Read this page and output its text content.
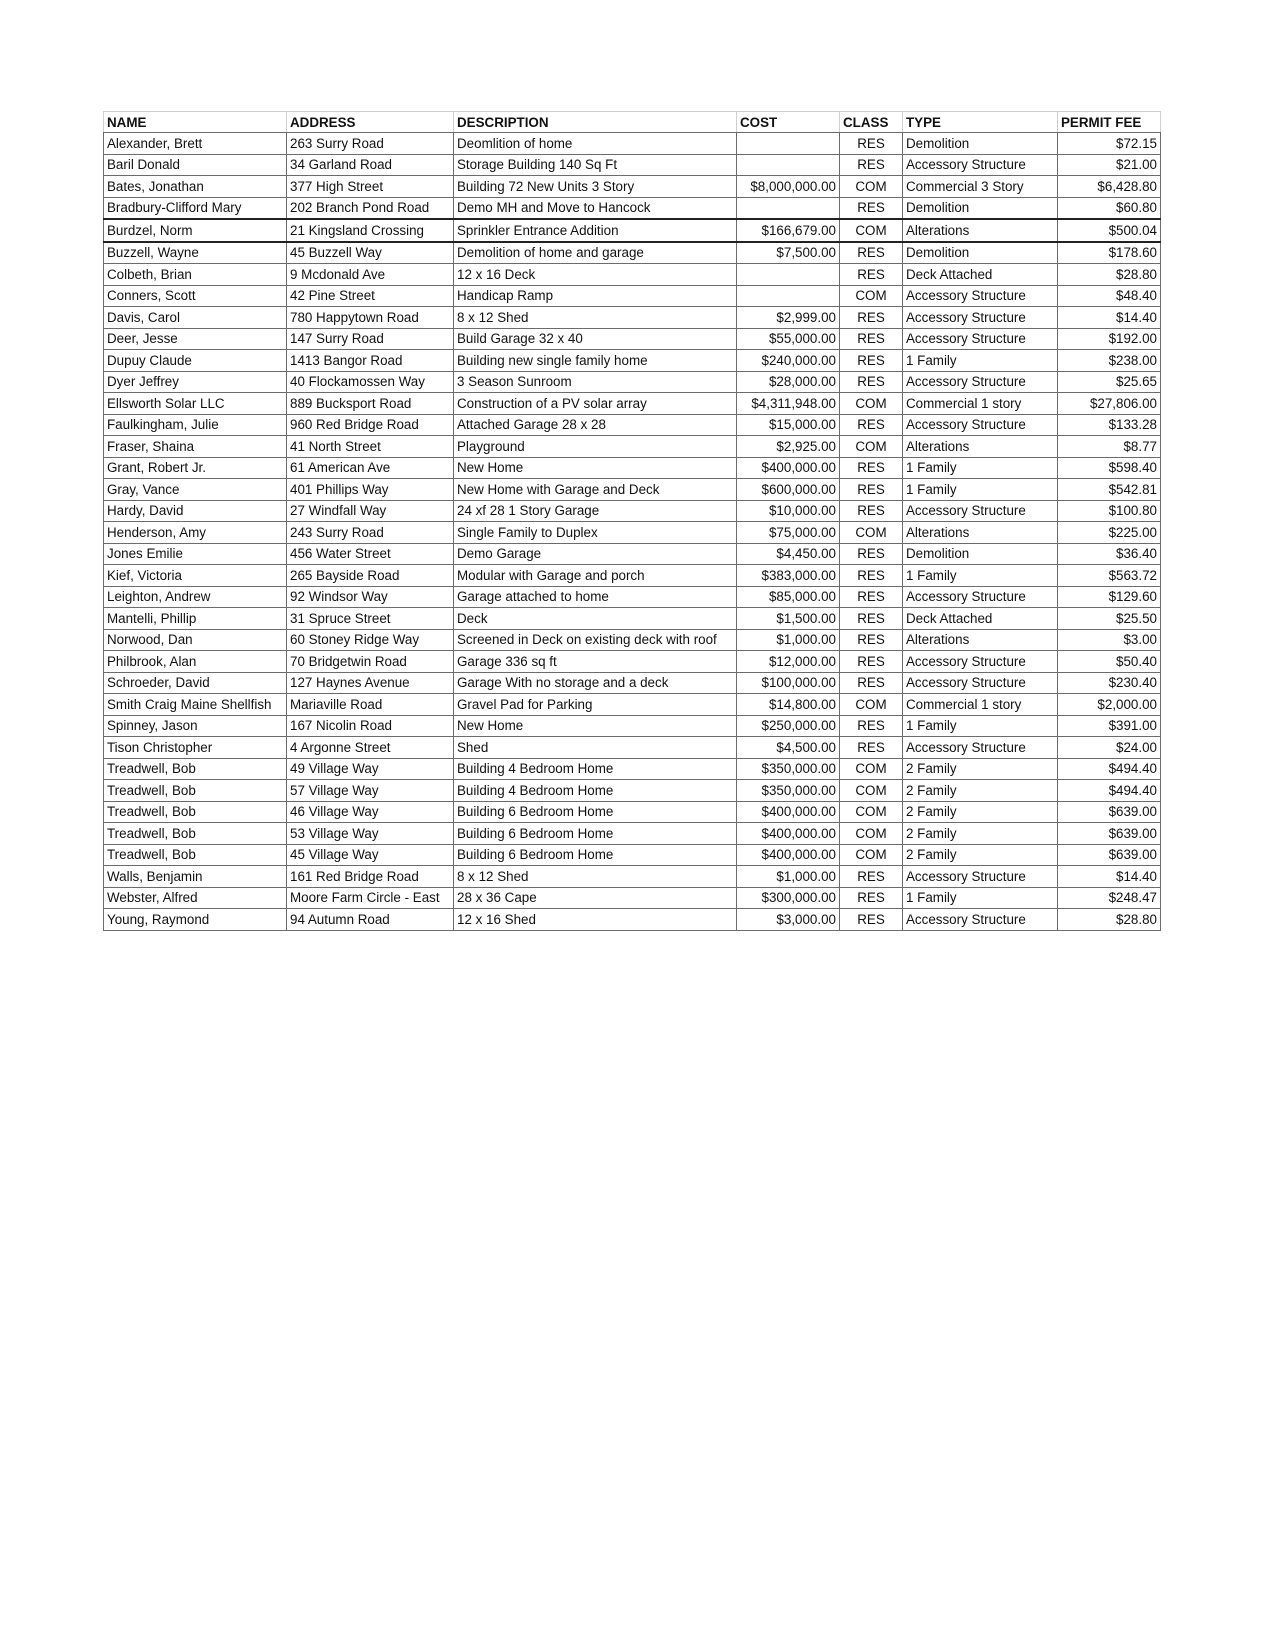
NAME	ADDRESS	DESCRIPTION	COST	CLASS	TYPE	PERMIT FEE
Alexander, Brett	263 Surry Road	Deomlition of home		RES	Demolition	$72.15
Baril Donald	34 Garland Road	Storage Building 140 Sq Ft		RES	Accessory Structure	$21.00
Bates, Jonathan	377 High Street	Building 72 New Units 3 Story	$8,000,000.00	COM	Commercial 3 Story	$6,428.80
Bradbury-Clifford Mary	202 Branch Pond Road	Demo MH and Move to Hancock		RES	Demolition	$60.80
Burdzel, Norm	21 Kingsland Crossing	Sprinkler Entrance Addition	$166,679.00	COM	Alterations	$500.04
Buzzell, Wayne	45 Buzzell Way	Demolition of home and garage	$7,500.00	RES	Demolition	$178.60
Colbeth, Brian	9 Mcdonald Ave	12 x 16 Deck		RES	Deck Attached	$28.80
Conners, Scott	42 Pine Street	Handicap Ramp		COM	Accessory Structure	$48.40
Davis, Carol	780 Happytown Road	8 x 12 Shed	$2,999.00	RES	Accessory Structure	$14.40
Deer, Jesse	147 Surry Road	Build Garage 32 x 40	$55,000.00	RES	Accessory Structure	$192.00
Dupuy Claude	1413 Bangor Road	Building new single family home	$240,000.00	RES	1 Family	$238.00
Dyer Jeffrey	40 Flockamossen Way	3 Season Sunroom	$28,000.00	RES	Accessory Structure	$25.65
Ellsworth Solar LLC	889 Bucksport Road	Construction of a PV solar array	$4,311,948.00	COM	Commercial 1 story	$27,806.00
Faulkingham, Julie	960 Red Bridge Road	Attached Garage 28 x 28	$15,000.00	RES	Accessory Structure	$133.28
Fraser, Shaina	41 North Street	Playground	$2,925.00	COM	Alterations	$8.77
Grant, Robert Jr.	61 American Ave	New Home	$400,000.00	RES	1 Family	$598.40
Gray, Vance	401 Phillips Way	New Home with Garage and Deck	$600,000.00	RES	1 Family	$542.81
Hardy, David	27 Windfall Way	24 xf 28 1 Story Garage	$10,000.00	RES	Accessory Structure	$100.80
Henderson, Amy	243 Surry Road	Single Family to Duplex	$75,000.00	COM	Alterations	$225.00
Jones Emilie	456 Water Street	Demo Garage	$4,450.00	RES	Demolition	$36.40
Kief, Victoria	265 Bayside Road	Modular with Garage and porch	$383,000.00	RES	1 Family	$563.72
Leighton, Andrew	92 Windsor Way	Garage attached to home	$85,000.00	RES	Accessory Structure	$129.60
Mantelli, Phillip	31 Spruce Street	Deck	$1,500.00	RES	Deck Attached	$25.50
Norwood, Dan	60 Stoney Ridge Way	Screened in Deck on existing deck with roof	$1,000.00	RES	Alterations	$3.00
Philbrook, Alan	70 Bridgetwin Road	Garage 336 sq ft	$12,000.00	RES	Accessory Structure	$50.40
Schroeder, David	127 Haynes Avenue	Garage With no storage and a deck	$100,000.00	RES	Accessory Structure	$230.40
Smith Craig Maine Shellfish	Mariaville Road	Gravel Pad for Parking	$14,800.00	COM	Commercial 1 story	$2,000.00
Spinney, Jason	167 Nicolin Road	New Home	$250,000.00	RES	1 Family	$391.00
Tison Christopher	4 Argonne Street	Shed	$4,500.00	RES	Accessory Structure	$24.00
Treadwell, Bob	49 Village Way	Building 4 Bedroom Home	$350,000.00	COM	2 Family	$494.40
Treadwell, Bob	57 Village Way	Building 4 Bedroom Home	$350,000.00	COM	2 Family	$494.40
Treadwell, Bob	46 Village Way	Building 6 Bedroom Home	$400,000.00	COM	2 Family	$639.00
Treadwell, Bob	53 Village Way	Building 6 Bedroom Home	$400,000.00	COM	2 Family	$639.00
Treadwell, Bob	45 Village Way	Building 6 Bedroom Home	$400,000.00	COM	2 Family	$639.00
Walls, Benjamin	161 Red Bridge Road	8 x 12 Shed	$1,000.00	RES	Accessory Structure	$14.40
Webster, Alfred	Moore Farm Circle - East	28 x 36 Cape	$300,000.00	RES	1 Family	$248.47
Young, Raymond	94 Autumn Road	12 x 16 Shed	$3,000.00	RES	Accessory Structure	$28.80
